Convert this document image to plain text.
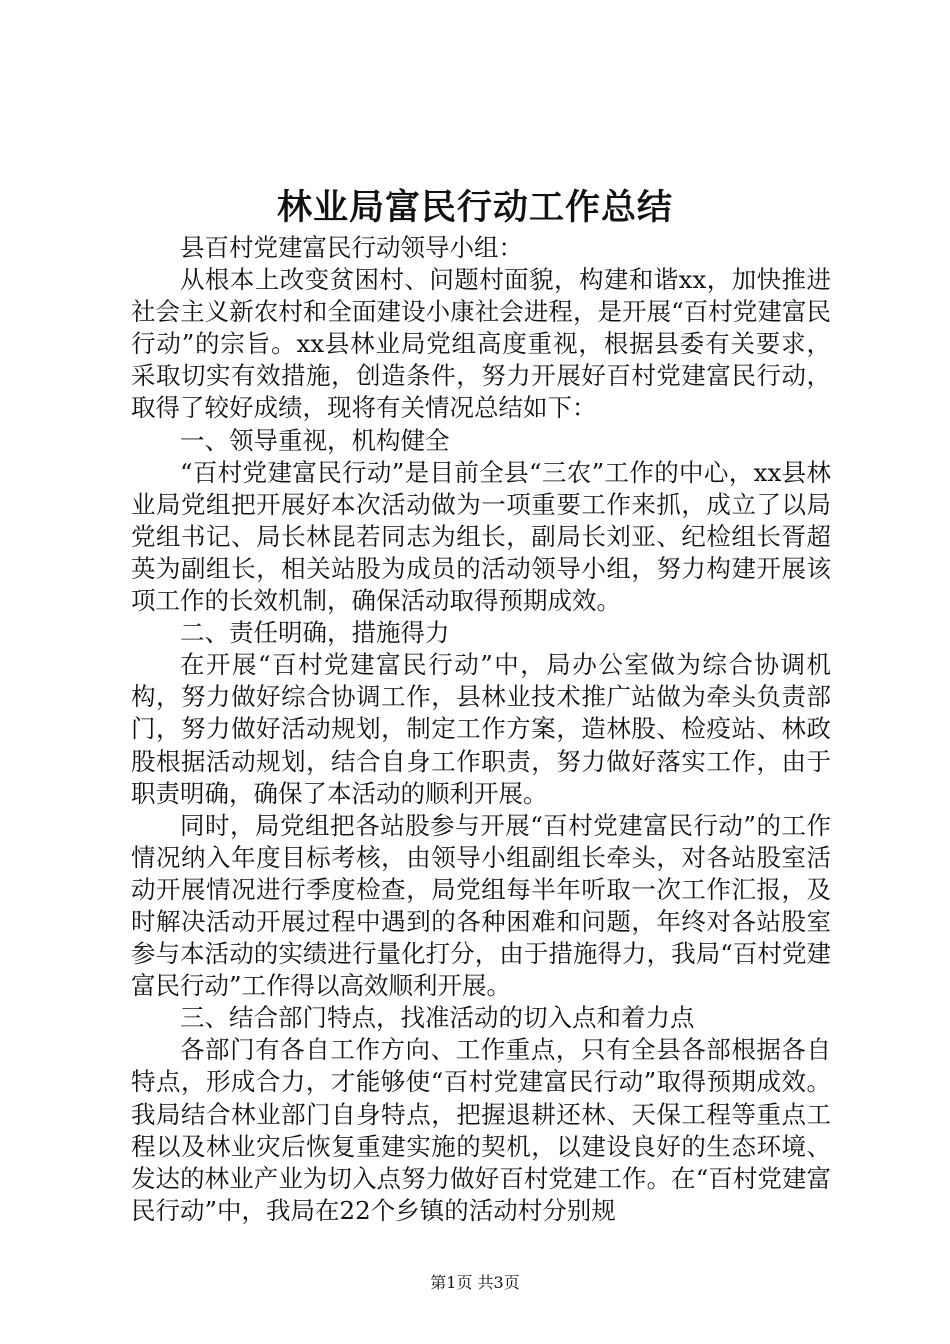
林业局富民行动工作总结

县百村党建富民行动领导小组：

从根本上改变贫困村、问题村面貌，构建和谐xx，加快推进社会主义新农村和全面建设小康社会进程，是开展“百村党建富民行动”的宗旨。xx县林业局党组高度重视，根据县委有关要求，采取切实有效措施，创造条件，努力开展好百村党建富民行动，取得了较好成绩，现将有关情况总结如下：

一、领导重视，机构健全

“百村党建富民行动”是目前全县“三农”工作的中心，xx县林业局党组把开展好本次活动做为一项重要工作来抓，成立了以局党组书记、局长林昆若同志为组长，副局长刘亚、纪检组长胥超英为副组长，相关站股为成员的活动领导小组，努力构建开展该项工作的长效机制，确保活动取得预期成效。

二、责任明确，措施得力

在开展“百村党建富民行动”中，局办公室做为综合协调机构，努力做好综合协调工作，县林业技术推广站做为牵头负责部门，努力做好活动规划，制定工作方案，造林股、检疫站、林政股根据活动规划，结合自身工作职责，努力做好落实工作，由于职责明确，确保了本活动的顺利开展。

同时，局党组把各站股参与开展“百村党建富民行动”的工作情况纳入年度目标考核，由领导小组副组长牵头，对各站股室活动开展情况进行季度检查，局党组每半年听取一次工作汇报，及时解决活动开展过程中遇到的各种困难和问题，年终对各站股室参与本活动的实绩进行量化打分，由于措施得力，我局“百村党建富民行动”工作得以高效顺利开展。

三、结合部门特点，找准活动的切入点和着力点

各部门有各自工作方向、工作重点，只有全县各部根据各自特点，形成合力，才能够使“百村党建富民行动”取得预期成效。我局结合林业部门自身特点，把握退耕还林、天保工程等重点工程以及林业灾后恢复重建实施的契机，以建设良好的生态环境、发达的林业产业为切入点努力做好百村党建工作。在“百村党建富民行动”中，我局在22个乡镇的活动村分别规

第1页 共3页
